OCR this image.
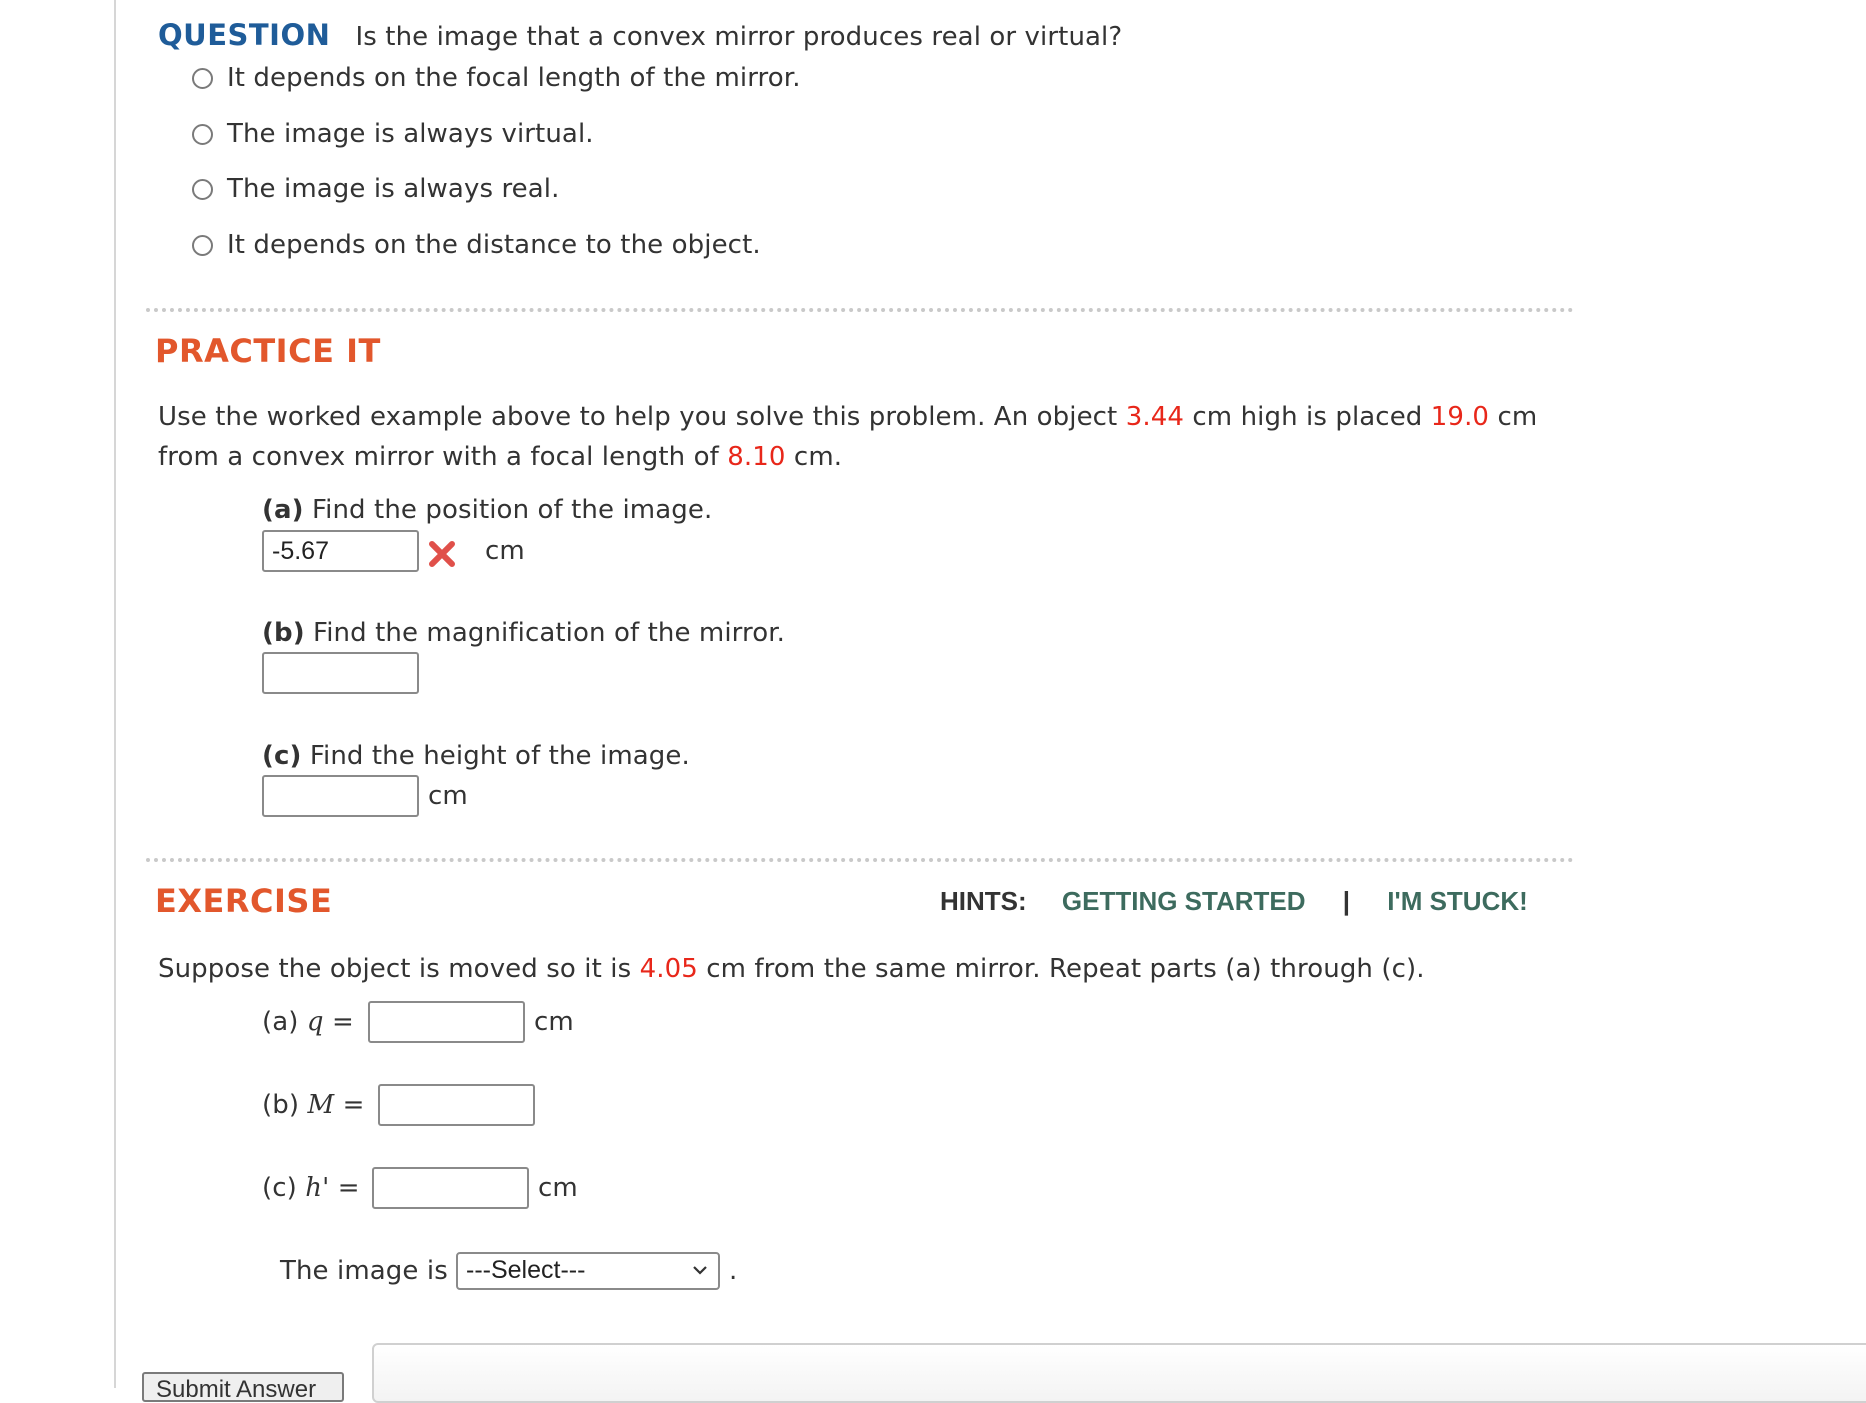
QUESTION Is the image that a convex mirror produces real or virtual?
It depends on the focal length of the mirror.
The image is always virtual.
The image is always real.
It depends on the distance to the object.
PRACTICE IT
Use the worked example above to help you solve this problem. An object 3.44 cm high is placed 19.0 cm
from a convex mirror with a focal length of 8.10 cm.
(a) Find the position of the image.
-5.67	cm
(b) Find the magnification of the mirror.
(c) Find the height of the image.
cm
EXERCISE	HINTS: GETTING STARTED | I'M STUCK!
Suppose the object is moved so it is 4.05 cm from the same mirror. Repeat parts (a) through (c).
(a) q =	cm
(b) M =
(c) h' =	cm
The image is ---Select---	.
Submit Answer
